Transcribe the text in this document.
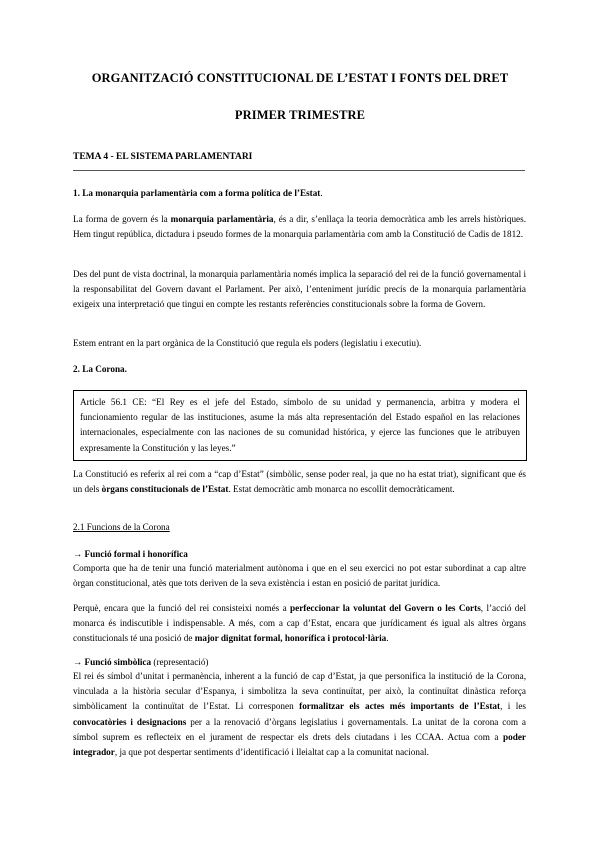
ORGANITZACIÓ CONSTITUCIONAL DE L’ESTAT I FONTS DEL DRET
PRIMER TRIMESTRE
TEMA 4 - EL SISTEMA PARLAMENTARI
1. La monarquia parlamentària com a forma política de l’Estat.
La forma de govern és la monarquia parlamentària, és a dir, s’enllaça la teoria democràtica amb les arrels històriques. Hem tingut república, dictadura i pseudo formes de la monarquia parlamentària com amb la Constitució de Cadis de 1812.
Des del punt de vista doctrinal, la monarquia parlamentària només implica la separació del rei de la funció governamental i la responsabilitat del Govern davant el Parlament. Per això, l’enteniment jurídic precís de la monarquia parlamentària exigeix una interpretació que tingui en compte les restants referències constitucionals sobre la forma de Govern.
Estem entrant en la part orgànica de la Constitució que regula els poders (legislatiu i executiu).
2. La Corona.
Article 56.1 CE: “El Rey es el jefe del Estado, símbolo de su unidad y permanencia, arbitra y modera el funcionamiento regular de las instituciones, asume la más alta representación del Estado español en las relaciones internacionales, especialmente con las naciones de su comunidad histórica, y ejerce las funciones que le atribuyen expresamente la Constitución y las leyes.”
La Constitució es referix al rei com a “cap d’Estat” (simbòlic, sense poder real, ja que no ha estat triat), significant que és un dels òrgans constitucionals de l’Estat. Estat democràtic amb monarca no escollit democràticament.
2.1 Funcions de la Corona
→ Funció formal i honorífica
Comporta que ha de tenir una funció materialment autònoma i que en el seu exercici no pot estar subordinat a cap altre òrgan constitucional, atès que tots deriven de la seva existència i estan en posició de paritat jurídica.
Perquè, encara que la funció del rei consisteixi només a perfeccionar la voluntat del Govern o les Corts, l’acció del monarca és indiscutible i indispensable. A més, com a cap d’Estat, encara que jurídicament és igual als altres òrgans constitucionals té una posició de major dignitat formal, honorífica i protocol·lària.
→ Funció simbòlica (representació)
El rei és símbol d’unitat i permanència, inherent a la funció de cap d’Estat, ja que personifica la institució de la Corona, vinculada a la història secular d’Espanya, i simbolitza la seva continuïtat, per això, la continuïtat dinàstica reforça simbòlicament la continuïtat de l’Estat. Li corresponen formalitzar els actes més importants de l’Estat, i les convocatòries i designacions per a la renovació d’òrgans legislatius i governamentals. La unitat de la corona com a símbol suprem es reflecteix en el jurament de respectar els drets dels ciutadans i les CCAA. Actua com a poder integrador, ja que pot despertar sentiments d’identificació i lleialtat cap a la comunitat nacional.
